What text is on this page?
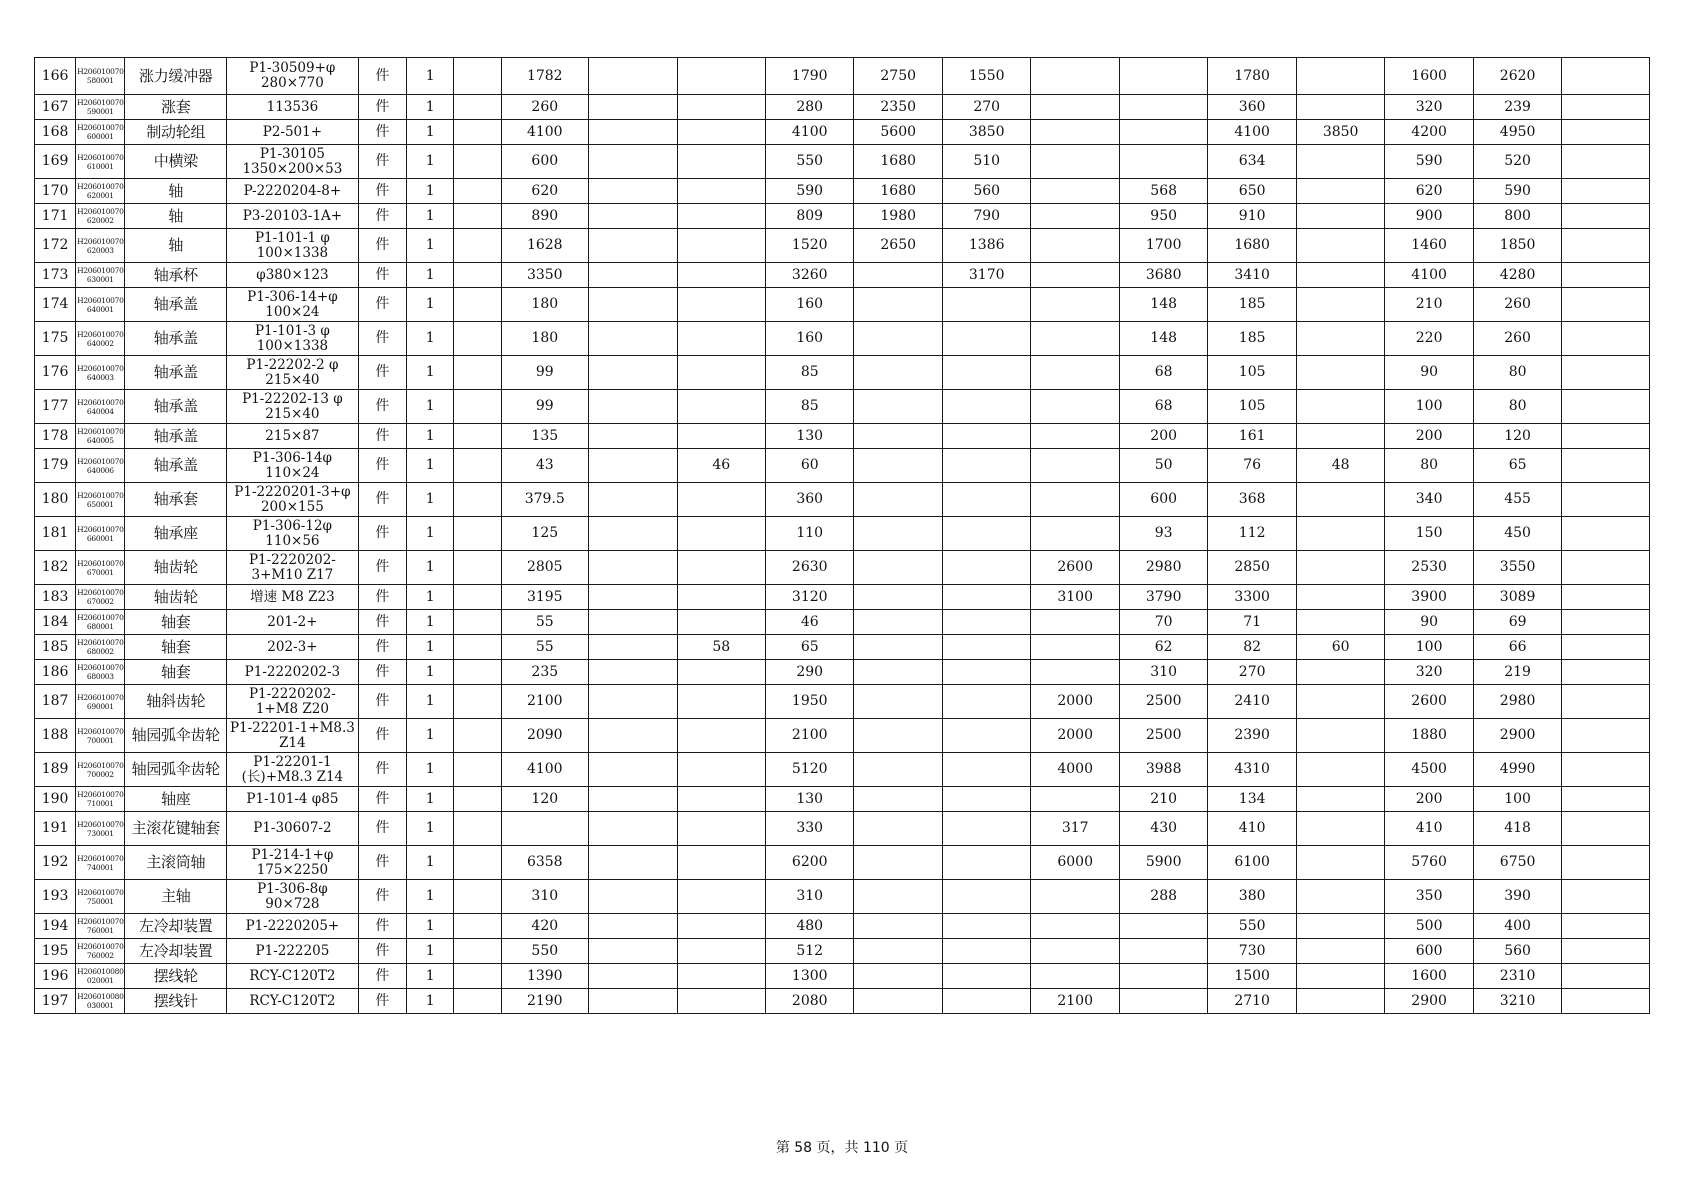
166	H206010070 580001	涨力缓冲器	P1-30509+φ 280×770	件	1		1782			1790	2750	1550			1780		1600	2620	
167	H206010070 590001	涨套	113536	件	1		260			280	2350	270			360		320	239	
168	H206010070 600001	制动轮组	P2-501+	件	1		4100			4100	5600	3850			4100	3850	4200	4950	
169	H206010070 610001	中横梁	P1-30105 1350×200×53	件	1		600			550	1680	510			634		590	520	
170	H206010070 620001	轴	P-2220204-8+	件	1		620			590	1680	560		568	650		620	590	
171	H206010070 620002	轴	P3-20103-1A+	件	1		890			809	1980	790		950	910		900	800	
172	H206010070 620003	轴	P1-101-1 φ 100×1338	件	1		1628			1520	2650	1386		1700	1680		1460	1850	
173	H206010070 630001	轴承杯	φ380×123	件	1		3350			3260		3170		3680	3410		4100	4280	
174	H206010070 640001	轴承盖	P1-306-14+φ 100×24	件	1		180			160				148	185		210	260	
175	H206010070 640002	轴承盖	P1-101-3 φ 100×1338	件	1		180			160				148	185		220	260	
176	H206010070 640003	轴承盖	P1-22202-2 φ 215×40	件	1		99			85				68	105		90	80	
177	H206010070 640004	轴承盖	P1-22202-13 φ 215×40	件	1		99			85				68	105		100	80	
178	H206010070 640005	轴承盖	215×87	件	1		135			130				200	161		200	120	
179	H206010070 640006	轴承盖	P1-306-14φ 110×24	件	1		43		46	60				50	76	48	80	65	
180	H206010070 650001	轴承套	P1-2220201-3+φ 200×155	件	1		379.5			360				600	368		340	455	
181	H206010070 660001	轴承座	P1-306-12φ 110×56	件	1		125			110				93	112		150	450	
182	H206010070 670001	轴齿轮	P1-2220202- 3+M10 Z17	件	1		2805			2630			2600	2980	2850		2530	3550	
183	H206010070 670002	轴齿轮	增速 M8 Z23	件	1		3195			3120			3100	3790	3300		3900	3089	
184	H206010070 680001	轴套	201-2+	件	1		55			46				70	71		90	69	
185	H206010070 680002	轴套	202-3+	件	1		55		58	65				62	82	60	100	66	
186	H206010070 680003	轴套	P1-2220202-3	件	1		235			290				310	270		320	219	
187	H206010070 690001	轴斜齿轮	P1-2220202-1+M8 Z20	件	1		2100			1950			2000	2500	2410		2600	2980	
188	H206010070 700001	轴园弧伞齿轮	P1-22201-1+M8.3 Z14	件	1		2090			2100			2000	2500	2390		1880	2900	
189	H206010070 700002	轴园弧伞齿轮	P1-22201-1 (长)+M8.3 Z14	件	1		4100			5120			4000	3988	4310		4500	4990	
190	H206010070 710001	轴座	P1-101-4 φ85	件	1		120			130				210	134		200	100	
191	H206010070 730001	主滚花键轴套	P1-30607-2	件	1					330			317	430	410		410	418	
192	H206010070 740001	主滚筒轴	P1-214-1+φ 175×2250	件	1		6358			6200			6000	5900	6100		5760	6750	
193	H206010070 750001	主轴	P1-306-8φ 90×728	件	1		310			310				288	380		350	390	
194	H206010070 760001	左冷却装置	P1-2220205+	件	1		420			480					550		500	400	
195	H206010070 760002	左冷却装置	P1-222205	件	1		550			512					730		600	560	
196	H206010080 020001	摆线轮	RCY-C120T2	件	1		1390			1300					1500		1600	2310	
197	H206010080 030001	摆线针	RCY-C120T2	件	1		2190			2080			2100		2710		2900	3210	
第 58 页，共 110 页
